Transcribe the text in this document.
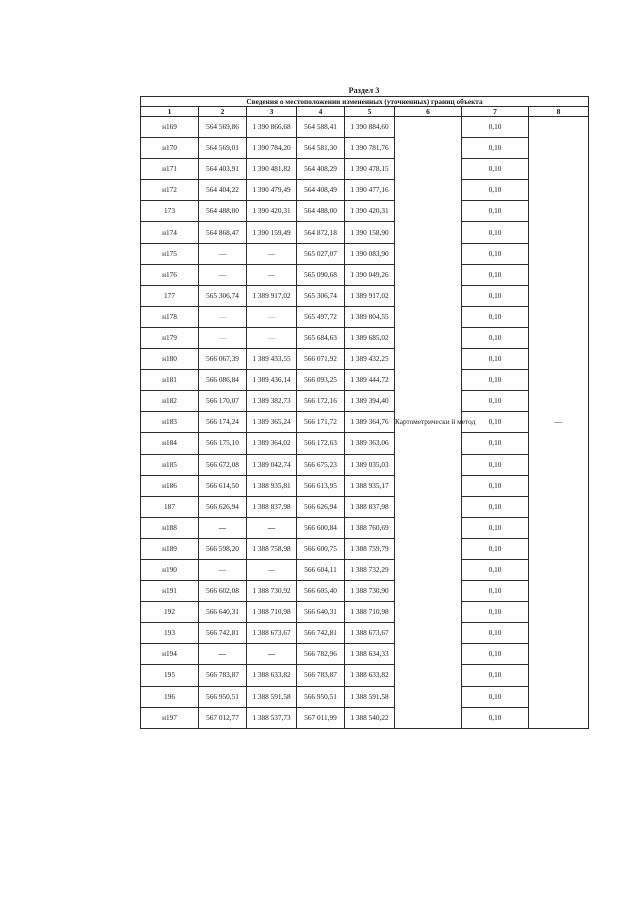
Раздел 3
Сведения о местоположении измененных (уточненных) границ объекта							
1	2	3	4	5	6	7	8
н169	564 569,86	1 390 866,68	564 588,41	1 390 884,60	Картометрически й метод	0,10	—
н170	564 569,01	1 390 784,20	564 581,30	1 390 781,76		0,10	
н171	564 403,91	1 390 481,82	564 408,29	1 390 478,15		0,10	
н172	564 404,22	1 390 479,49	564 408,49	1 390 477,16		0,10	
173	564 488,00	1 390 420,31	564 488,00	1 390 420,31		0,10	
н174	564 868,47	1 390 159,49	564 872,18	1 390 158,90		0,10	
н175	—	—	565 027,07	1 390 083,90		0,10	
н176	—	—	565 090,68	1 390 049,26		0,10	
177	565 306,74	1 389 917,02	565 306,74	1 389 917,02		0,10	
н178	—	—	565 497,72	1 389 804,55		0,10	
н179	—	—	565 684,63	1 389 685,02		0,10	
н180	566 067,39	1 389 433,55	566 071,92	1 389 432,25		0,10	
н181	566 086,84	1 389 436,14	566 093,25	1 389 444,72		0,10	
н182	566 170,07	1 389 382,73	566 172,16	1 389 394,40		0,10	
н183	566 174,24	1 389 365,24	566 171,72	1 389 364,76		0,10	
н184	566 175,10	1 389 364,02	566 172,63	1 389 363,06		0,10	
н185	566 672,08	1 389 042,74	566 675,23	1 389 035,03		0,10	
н186	566 614,50	1 388 935,81	566 613,95	1 388 935,17		0,10	
187	566 626,94	1 388 837,98	566 626,94	1 388 837,98		0,10	
н188	—	—	566 600,84	1 388 760,69		0,10	
н189	566 598,20	1 388 758,98	566 600,75	1 388 759,79		0,10	
н190	—	—	566 604,11	1 388 732,29		0,10	
н191	566 602,08	1 388 730,92	566 605,40	1 388 730,90		0,10	
192	566 640,31	1 388 710,98	566 640,31	1 388 710,98		0,10	
193	566 742,81	1 388 673,67	566 742,81	1 388 673,67		0,10	
н194	—	—	566 782,96	1 388 634,33		0,10	
195	566 783,87	1 388 633,82	566 783,87	1 388 633,82		0,10	
196	566 950,51	1 388 591,58	566 950,51	1 388 591,58		0,10	
н197	567 012,77	1 388 537,73	567 011,99	1 388 540,22		0,10	
